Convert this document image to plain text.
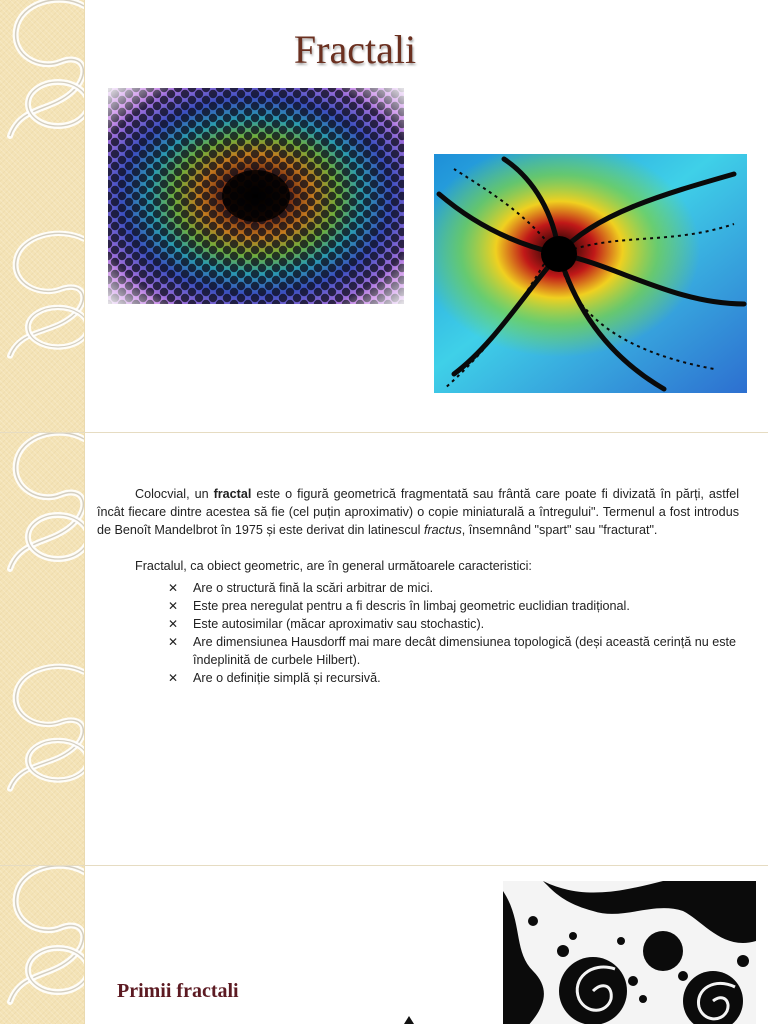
Fractali

Colocvial, un fractal este o figură geometrică fragmentată sau frântă care poate fi divizată în părți, astfel încât fiecare dintre acestea să fie (cel puțin aproximativ) o copie miniaturală a întregului". Termenul a fost introdus de Benoît Mandelbrot în 1975 și este derivat din latinescul fractus, însemnând "spart" sau "fracturat".

Fractalul, ca obiect geometric, are în general următoarele caracteristici:

✕ Are o structură fină la scări arbitrar de mici.
✕ Este prea neregulat pentru a fi descris în limbaj geometric euclidian tradițional.
✕ Este autosimilar (măcar aproximativ sau stochastic).
✕ Are dimensiunea Hausdorff mai mare decât dimensiunea topologică (deși această cerință nu este îndeplinită de curbele Hilbert).
✕ Are o definiție simplă și recursivă.
Primii fractali
